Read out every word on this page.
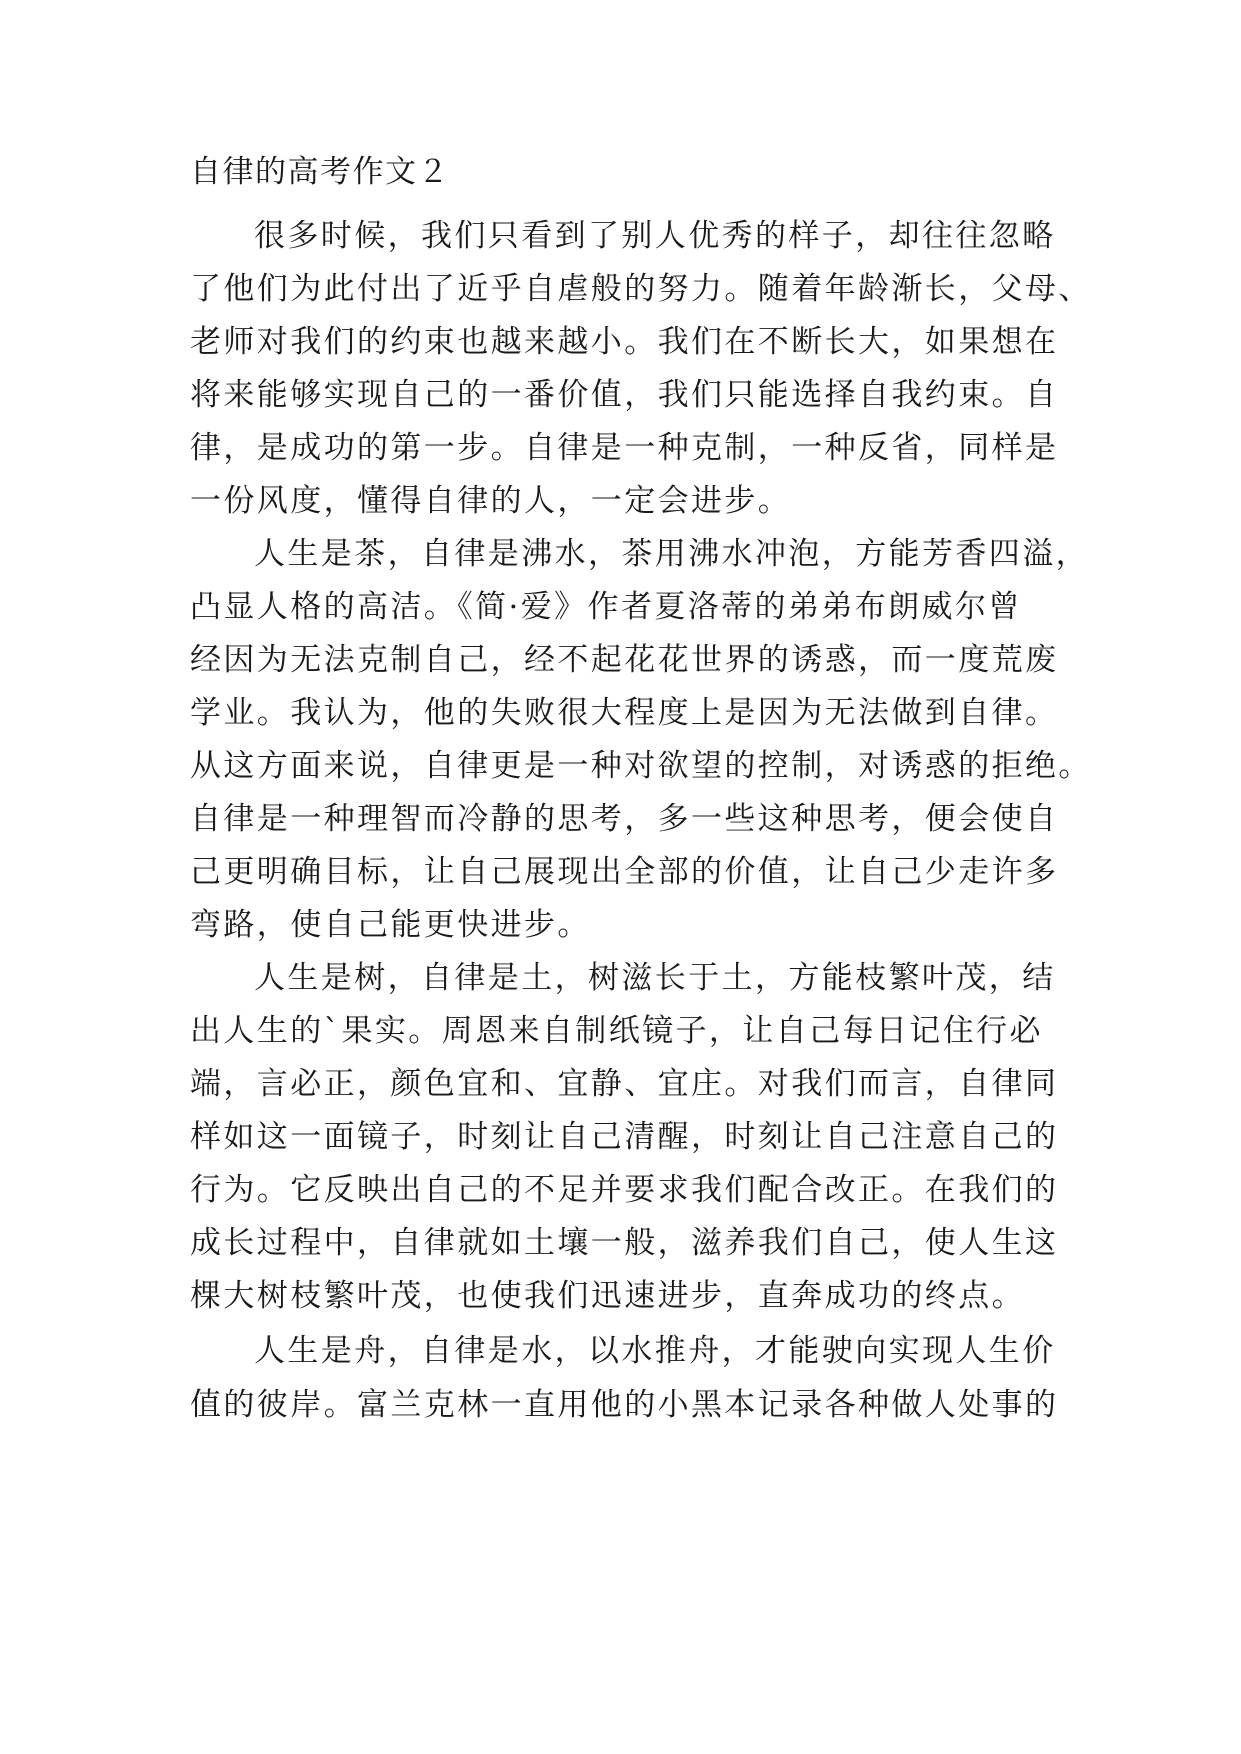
自律的高考作文２
很多时候，我们只看到了别人优秀的样子，却往往忽略
了他们为此付出了近乎自虐般的努力。随着年龄渐长，父母、
老师对我们的约束也越来越小。我们在不断长大，如果想在
将来能够实现自己的一番价值，我们只能选择自我约束。自
律，是成功的第一步。自律是一种克制，一种反省，同样是
一份风度，懂得自律的人，一定会进步。
人生是茶，自律是沸水，茶用沸水冲泡，方能芳香四溢，
凸显人格的高洁。《简·爱》作者夏洛蒂的弟弟布朗威尔曾
经因为无法克制自己，经不起花花世界的诱惑，而一度荒废
学业。我认为，他的失败很大程度上是因为无法做到自律。
从这方面来说，自律更是一种对欲望的控制，对诱惑的拒绝。
自律是一种理智而冷静的思考，多一些这种思考，便会使自
己更明确目标，让自己展现出全部的价值，让自己少走许多
弯路，使自己能更快进步。
人生是树，自律是土，树滋长于土，方能枝繁叶茂，结
出人生的`果实。周恩来自制纸镜子，让自己每日记住行必
端，言必正，颜色宜和、宜静、宜庄。对我们而言，自律同
样如这一面镜子，时刻让自己清醒，时刻让自己注意自己的
行为。它反映出自己的不足并要求我们配合改正。在我们的
成长过程中，自律就如土壤一般，滋养我们自己，使人生这
棵大树枝繁叶茂，也使我们迅速进步，直奔成功的终点。
人生是舟，自律是水，以水推舟，才能驶向实现人生价
值的彼岸。富兰克林一直用他的小黑本记录各种做人处事的
